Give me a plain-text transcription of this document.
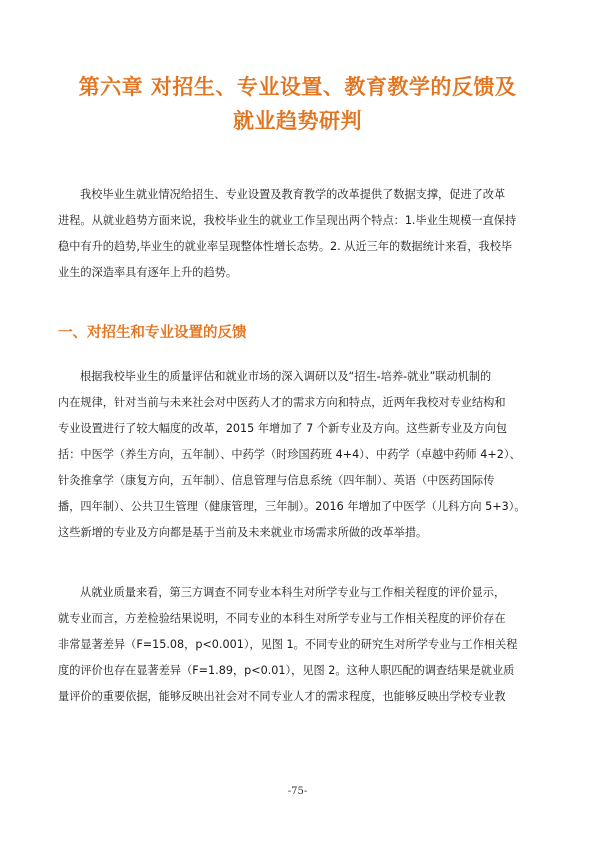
第六章 对招生、专业设置、教育教学的反馈及
就业趋势研判
我校毕业生就业情况给招生、专业设置及教育教学的改革提供了数据支撑，促进了改革
进程。从就业趋势方面来说，我校毕业生的就业工作呈现出两个特点：1.毕业生规模一直保持
稳中有升的趋势,毕业生的就业率呈现整体性增长态势。2. 从近三年的数据统计来看，我校毕
业生的深造率具有逐年上升的趋势。
一、对招生和专业设置的反馈
根据我校毕业生的质量评估和就业市场的深入调研以及“招生-培养-就业”联动机制的
内在规律，针对当前与未来社会对中医药人才的需求方向和特点，近两年我校对专业结构和
专业设置进行了较大幅度的改革，2015 年增加了 7 个新专业及方向。这些新专业及方向包
括：中医学（养生方向，五年制）、中药学（时珍国药班 4+4）、中药学（卓越中药师 4+2）、
针灸推拿学（康复方向，五年制）、信息管理与信息系统（四年制）、英语（中医药国际传
播，四年制）、公共卫生管理（健康管理，三年制）。2016 年增加了中医学（儿科方向 5+3）。
这些新增的专业及方向都是基于当前及未来就业市场需求所做的改革举措。
从就业质量来看，第三方调查不同专业本科生对所学专业与工作相关程度的评价显示，
就专业而言，方差检验结果说明，不同专业的本科生对所学专业与工作相关程度的评价存在
非常显著差异（F=15.08，p<0.001），见图 1。不同专业的研究生对所学专业与工作相关程
度的评价也存在显著差异（F=1.89，p<0.01），见图 2。这种人职匹配的调查结果是就业质
量评价的重要依据，能够反映出社会对不同专业人才的需求程度，也能够反映出学校专业教

-75-
